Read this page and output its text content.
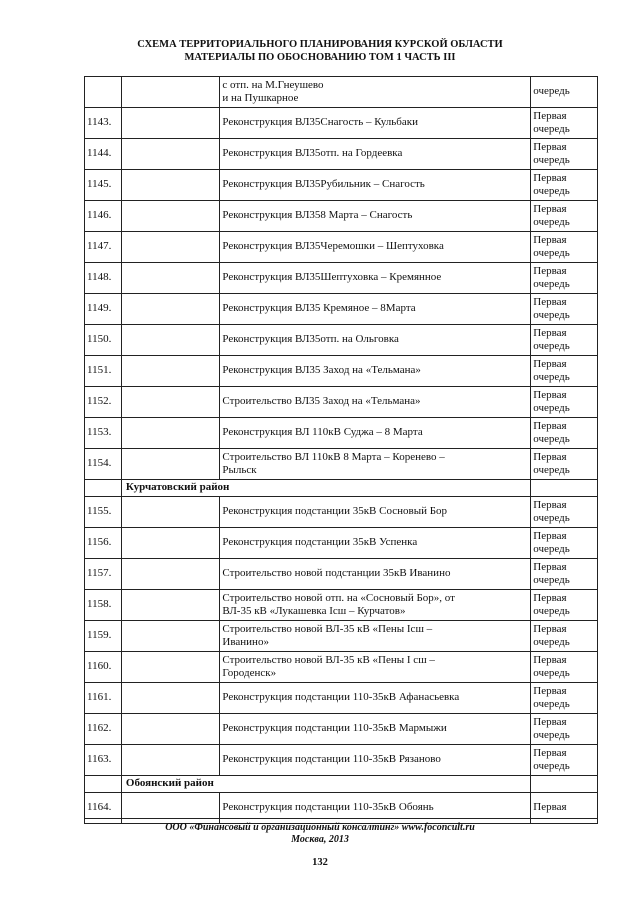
СХЕМА ТЕРРИТОРИАЛЬНОГО ПЛАНИРОВАНИЯ КУРСКОЙ ОБЛАСТИ
МАТЕРИАЛЫ ПО ОБОСНОВАНИЮ ТОМ 1 ЧАСТЬ III
		с отп. на М.Гнеушево
и на Пушкарное	очередь
1143.		Реконструкция ВЛ35Снагость – Кульбаки	Первая очередь
1144.		Реконструкция ВЛ35отп. на Гордеевка	Первая очередь
1145.		Реконструкция ВЛ35Рубильник – Снагость	Первая очередь
1146.		Реконструкция ВЛ358 Марта – Снагость	Первая очередь
1147.		Реконструкция ВЛ35Черемошки – Шептуховка	Первая очередь
1148.		Реконструкция ВЛ35Шептуховка – Кремянное	Первая очередь
1149.		Реконструкция ВЛ35 Кремяное – 8Марта	Первая очередь
1150.		Реконструкция ВЛ35отп. на Ольговка	Первая очередь
1151.		Реконструкция ВЛ35 Заход на «Тельмана»	Первая очередь
1152.		Строительство ВЛ35 Заход на «Тельмана»	Первая очередь
1153.		Реконструкция ВЛ 110кВ Суджа – 8 Марта	Первая очередь
1154.		Строительство ВЛ 110кВ 8 Марта – Коренево –
Рыльск	Первая очередь
	Курчатовский район		
1155.		Реконструкция подстанции 35кВ Сосновый Бор	Первая очередь
1156.		Реконструкция подстанции 35кВ Успенка	Первая очередь
1157.		Строительство новой подстанции 35кВ Иванино	Первая очередь
1158.		Строительство новой отп. на «Сосновый Бор», от
ВЛ-35 кВ «Лукашевка Iсш – Курчатов»	Первая очередь
1159.		Строительство новой ВЛ-35 кВ «Пены Iсш –
Иванино»	Первая очередь
1160.		Строительство новой ВЛ-35 кВ «Пены I сш –
Городенск»	Первая очередь
1161.		Реконструкция подстанции 110-35кВ Афанасьевка	Первая очередь
1162.		Реконструкция подстанции 110-35кВ Мармыжи	Первая очередь
1163.		Реконструкция подстанции 110-35кВ Рязаново	Первая очередь
	Обоянский район		
1164.		Реконструкция подстанции 110-35кВ Обоянь	Первая
ООО «Финансовый и организационный консалтинг» www.foconcult.ru
Москва, 2013
132
